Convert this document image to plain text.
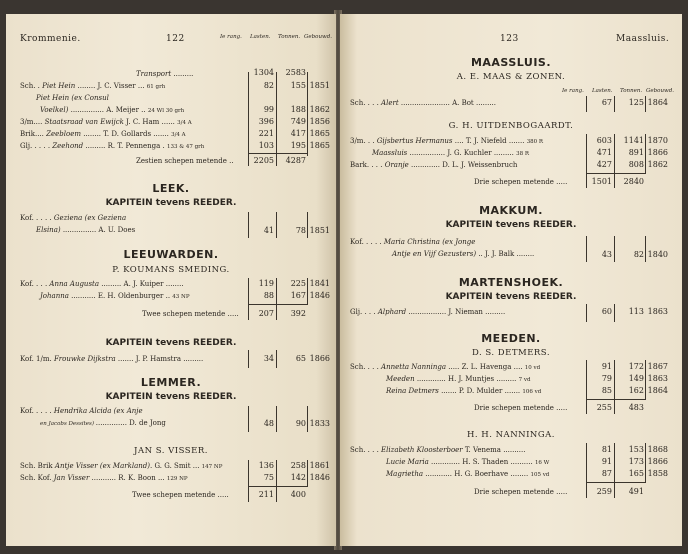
Krommenie.	122	Ie rang. Lasten. Tonnen. Gebouwd.
Transport .........	1304	2583
Sch. . Piet Hein ........ J. C. Visser ... 61 grh	82	155 1851
Piet Hein (ex Consul
Voelkel) ............... A. Meijer .. 24 Wl 30 grh	99	188 1862
3/m.... Staatsraad van Ewijck J. C. Ham ...... 3/4 A	396	749 1856
Brik.... Zeebloem ........ T. D. Gollards ....... 3/4 A	221	417 1865
Glj. . . . . Zeehond ......... R. T. Pennenga . 133 & 47 grh	103	195 1865
Zestien schepen metende ..	2205	4287
LEEK.
KAPITEIN tevens REEDER.
Kof. . . . . Geziena (ex Geziena
Elsina) ............... A. U. Does	41	78 1851
LEEUWARDEN.
P. KOUMANS SMEDING.
Kof. . . . Anna Augusta ......... A. J. Kuiper ........	119	225 1841
Johanna ........... E. H. Oldenburger .. 43 NP	88	167 1846
Twee schepen metende .....	207	392
KAPITEIN tevens REEDER.
Kof. 1/m. Frouwke Dijkstra ....... J. P. Hamstra .........	34	65 1866
LEMMER.
KAPITEIN tevens REEDER.
Kof. . . . . Hendrika Alcida (ex Anje
en Jacobs Dessites) .............. D. de Jong	48	90 1833
JAN S. VISSER.
Sch. Brik Antje Visser (ex Markland). G. G. Smit ... 147 NP	136	258 1861
Sch. Kof. Jan Visser ........... R. K. Boon ... 129 NP	75	142 1846
Twee schepen metende .....	211	400
123	Maassluis.
MAASSLUIS.
A. E. MAAS & ZONEN.
Ie rang. Lasten. Tonnen. Gebouwd.
Sch. . . . Alert ...................... A. Bot .........	67	125 1864
G. H. UITDENBOGAARDT.
3/m. . . Gijsbertus Hermanus .... T. J. Niefeld ....... 380 R	603	1141 1870
Maassluis ................ J. G. Kuchler ......... 38 R	471	891 1866
Bark. . . . Oranje ............. D. L. J. Weissenbruch	427	808 1862
Drie schepen metende .....	1501	2840
MAKKUM.
KAPITEIN tevens REEDER.
Kof. . . . . Maria Christina (ex Jonge
Antje en Vijf Gezusters) .. J. J. Balk ........	43	82 1840
MARTENSHOEK.
KAPITEIN tevens REEDER.
Glj. . . . Alphard ................. J. Nieman .........	60	113 1863
MEEDEN.
D. S. DETMERS.
Sch. . . . Annetta Nanninga ..... Z. L. Havenga .... 10 vd	91	172 1867
Meeden ............. H. J. Muntjes ......... 7 vd	79	149 1863
Reina Detmers ....... P. D. Mulder ....... 106 vd	85	162 1864
Drie schepen metende .....	255	483
H. H. NANNINGA.
Sch. . . . Elizabeth Kloosterboer T. Venema ..........	81	153 1868
Lucie Maria ............. H. S. Thaden .......... 16 W	91	173 1866
Magrietha ............ H. G. Boerhave ........ 105 vd	87	165 1858
Drie schepen metende .....	259	491
